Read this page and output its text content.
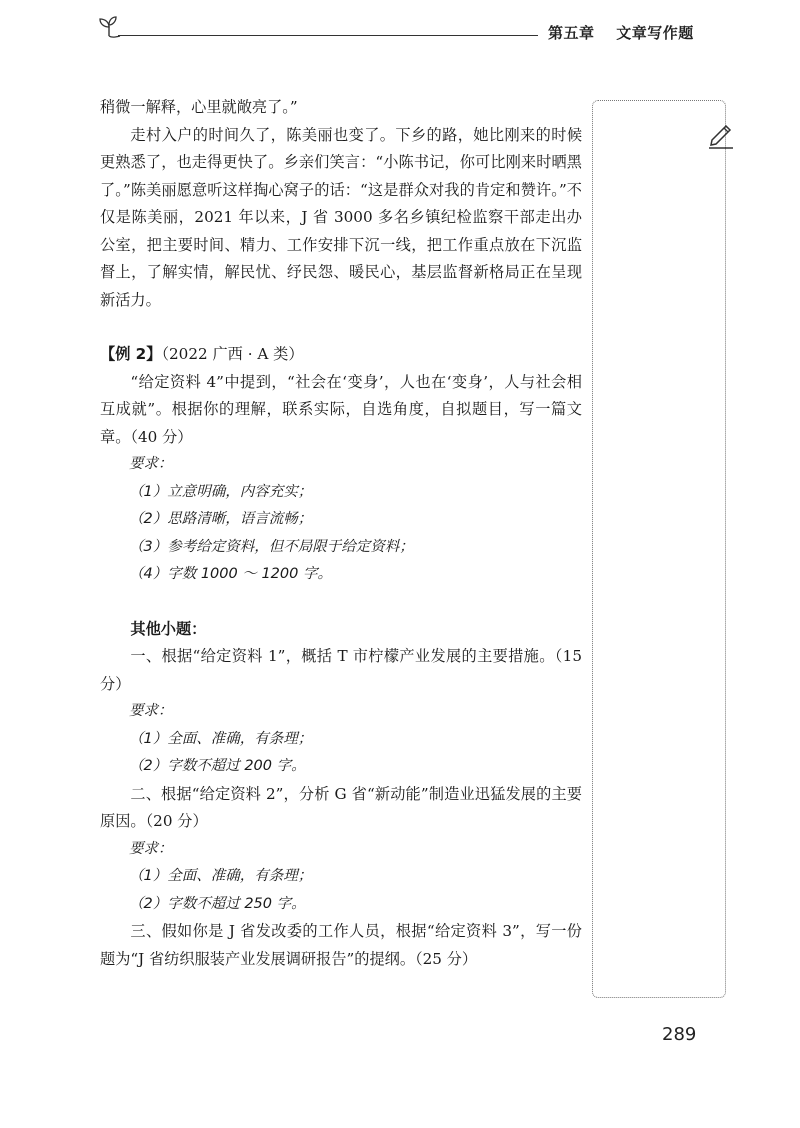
第五章 文章写作题

稍微一解释，心里就敞亮了。”

走村入户的时间久了，陈美丽也变了。下乡的路，她比刚来的时候更熟悉了，也走得更快了。乡亲们笑言：“小陈书记，你可比刚来时晒黑了。”陈美丽愿意听这样掏心窝子的话：“这是群众对我的肯定和赞许。”不仅是陈美丽，2021 年以来，J 省 3000 多名乡镇纪检监察干部走出办公室，把主要时间、精力、工作安排下沉一线，把工作重点放在下沉监督上，了解实情，解民忧、纾民怨、暖民心，基层监督新格局正在呈现新活力。

【例 2】（2022 广西 · A 类）

“给定资料 4”中提到，“社会在‘变身’，人也在‘变身’，人与社会相互成就”。根据你的理解，联系实际，自选角度，自拟题目，写一篇文章。（40 分）

要求：

（1）立意明确，内容充实；

（2）思路清晰，语言流畅；

（3）参考给定资料，但不局限于给定资料；

（4）字数 1000 ～ 1200 字。

其他小题：

一、根据“给定资料 1”，概括 T 市柠檬产业发展的主要措施。（15 分）

要求：

（1）全面、准确，有条理；

（2）字数不超过 200 字。

二、根据“给定资料 2”，分析 G 省“新动能”制造业迅猛发展的主要原因。（20 分）

要求：

（1）全面、准确，有条理；

（2）字数不超过 250 字。

三、假如你是 J 省发改委的工作人员，根据“给定资料 3”，写一份题为“J 省纺织服装产业发展调研报告”的提纲。（25 分）

289
